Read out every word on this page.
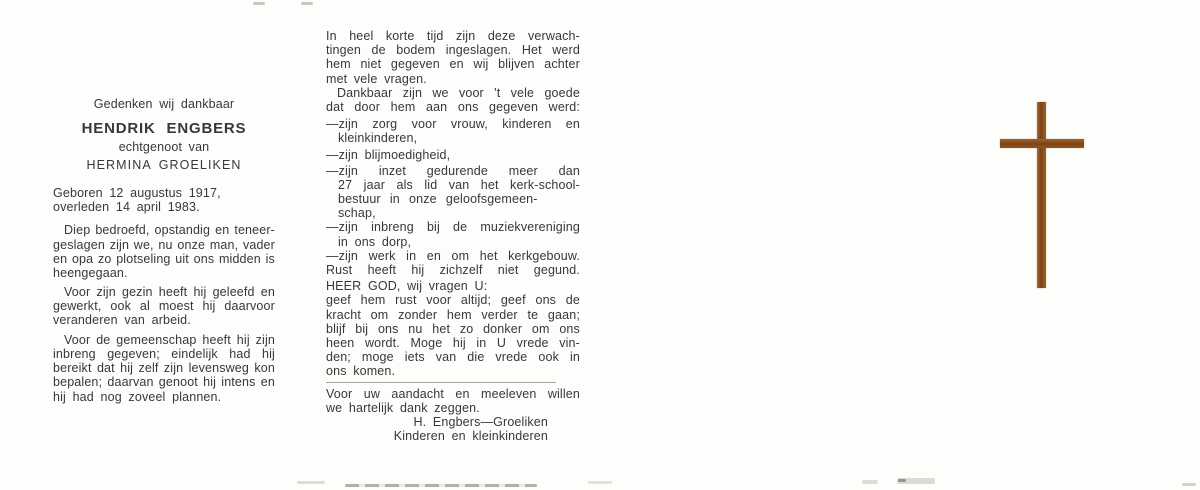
Gedenken wij dankbaar
HENDRIK ENGBERS
echtgenoot van
HERMINA GROELIKEN
Geboren 12 augustus 1917,
overleden 14 april 1983.
Diep bedroefd, opstandig en teneer-
geslagen zijn we, nu onze man, vader
en opa zo plotseling uit ons midden is
heengegaan.
Voor zijn gezin heeft hij geleefd en
gewerkt, ook al moest hij daarvoor
veranderen van arbeid.
Voor de gemeenschap heeft hij zijn
inbreng gegeven; eindelijk had hij
bereikt dat hij zelf zijn levensweg kon
bepalen; daarvan genoot hij intens en
hij had nog zoveel plannen.
In heel korte tijd zijn deze verwach-
tingen de bodem ingeslagen. Het werd
hem niet gegeven en wij blijven achter
met vele vragen.
Dankbaar zijn we voor 't vele goede
dat door hem aan ons gegeven werd:
—zijn zorg voor vrouw, kinderen en
kleinkinderen,
—zijn blijmoedigheid,
—zijn inzet gedurende meer dan
27 jaar als lid van het kerk-school-
bestuur in onze geloofsgemeen-
schap,
—zijn inbreng bij de muziekvereniging
in ons dorp,
—zijn werk in en om het kerkgebouw.
Rust heeft hij zichzelf niet gegund.
HEER GOD, wij vragen U:
geef hem rust voor altijd; geef ons de
kracht om zonder hem verder te gaan;
blijf bij ons nu het zo donker om ons
heen wordt. Moge hij in U vrede vin-
den; moge iets van die vrede ook in
ons komen.
Voor uw aandacht en meeleven willen
we hartelijk dank zeggen.
H. Engbers—Groeliken
Kinderen en kleinkinderen
